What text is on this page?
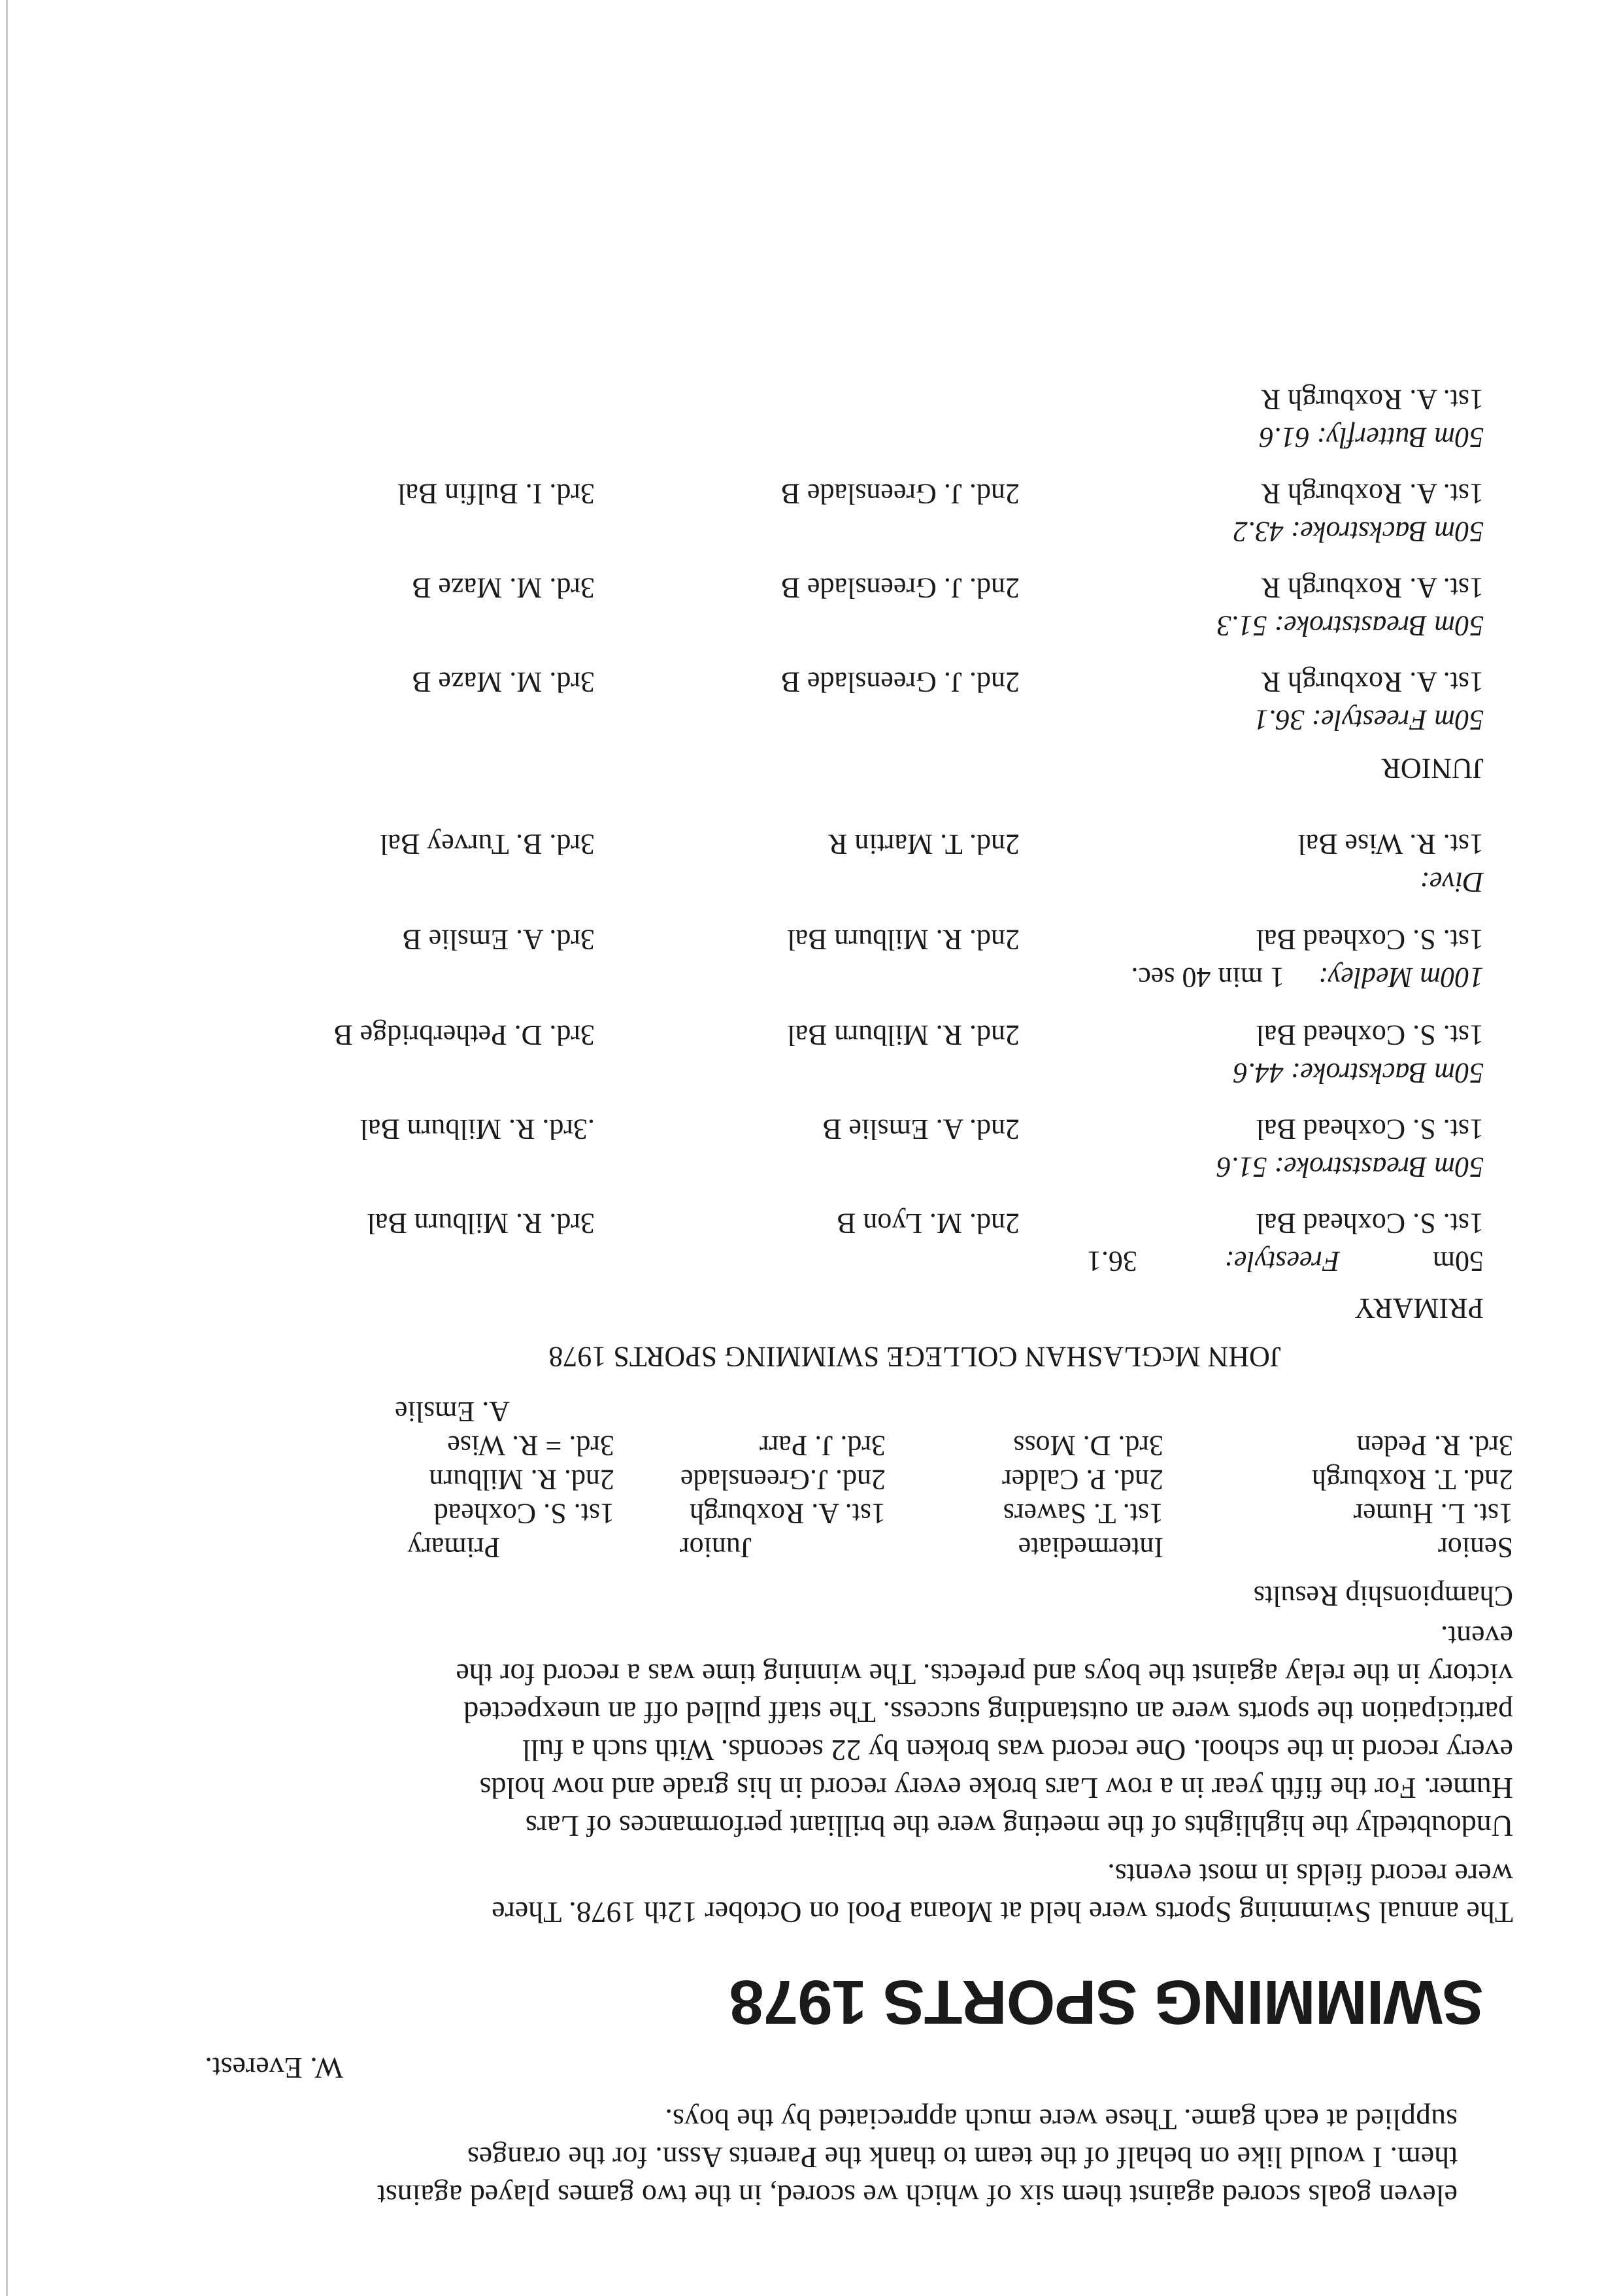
eleven goals scored against them six of which we scored, in the two games played against

them. I would like on behalf of the team to thank the Parents Assn. for the oranges

supplied at each game. These were much appreciated by the boys.

W. Everest.

SWIMMING SPORTS 1978

The annual Swimming Sports were held at Moana Pool on October 12th 1978. There

were record fields in most events.

Undoubtedly the highlights of the meeting were the brilliant performances of Lars

Humer. For the fifth year in a row Lars broke every record in his grade and now holds

every record in the school. One record was broken by 22 seconds. With such a full

participation the sports were an outstanding success. The staff pulled off an unexpected

victory in the relay against the boys and prefects. The winning time was a record for the

event.

Championship Results
Senior
1st. L. Humer
2nd. T. Roxburgh
3rd. R. Peden
Intermediate
1st. T. Sawers
2nd. P. Calder
3rd. D. Moss
Junior
1st. A. Roxburgh
2nd. J.Greenslade
3rd. J. Parr
Primary
1st. S. Coxhead
2nd. R. Milburn
3rd. = R. Wise
A. Emslie
JOHN McGLASHAN COLLEGE SWIMMING SPORTS 1978
PRIMARY
50m
Freestyle:
36.1
1st. S. Coxhead Bal
2nd. M. Lyon B
3rd. R. Milburn Bal
50m Breaststroke: 51.6
1st. S. Coxhead Bal
2nd. A. Emslie B
.3rd. R. Milburn Bal
50m Backstroke: 44.6
1st. S. Coxhead Bal
2nd. R. Milburn Bal
3rd. D. Petherbridge B
100m Medley:
1 min 40 sec.
1st. S. Coxhead Bal
2nd. R. Milburn Bal
3rd. A. Emslie B
Dive:
1st. R. Wise Bal
2nd. T. Martin R
3rd. B. Turvey Bal
JUNIOR
50m Freestyle: 36.1
1st. A. Roxburgh R
2nd. J. Greenslade B
3rd. M. Maze B
50m Breaststroke: 51.3
1st. A. Roxburgh R
2nd. J. Greenslade B
3rd. M. Maze B
50m Backstroke: 43.2
1st. A. Roxburgh R
2nd. J. Greenslade B
3rd. I. Bulfin Bal
50m Butterfly: 61.6
1st. A. Roxburgh R
